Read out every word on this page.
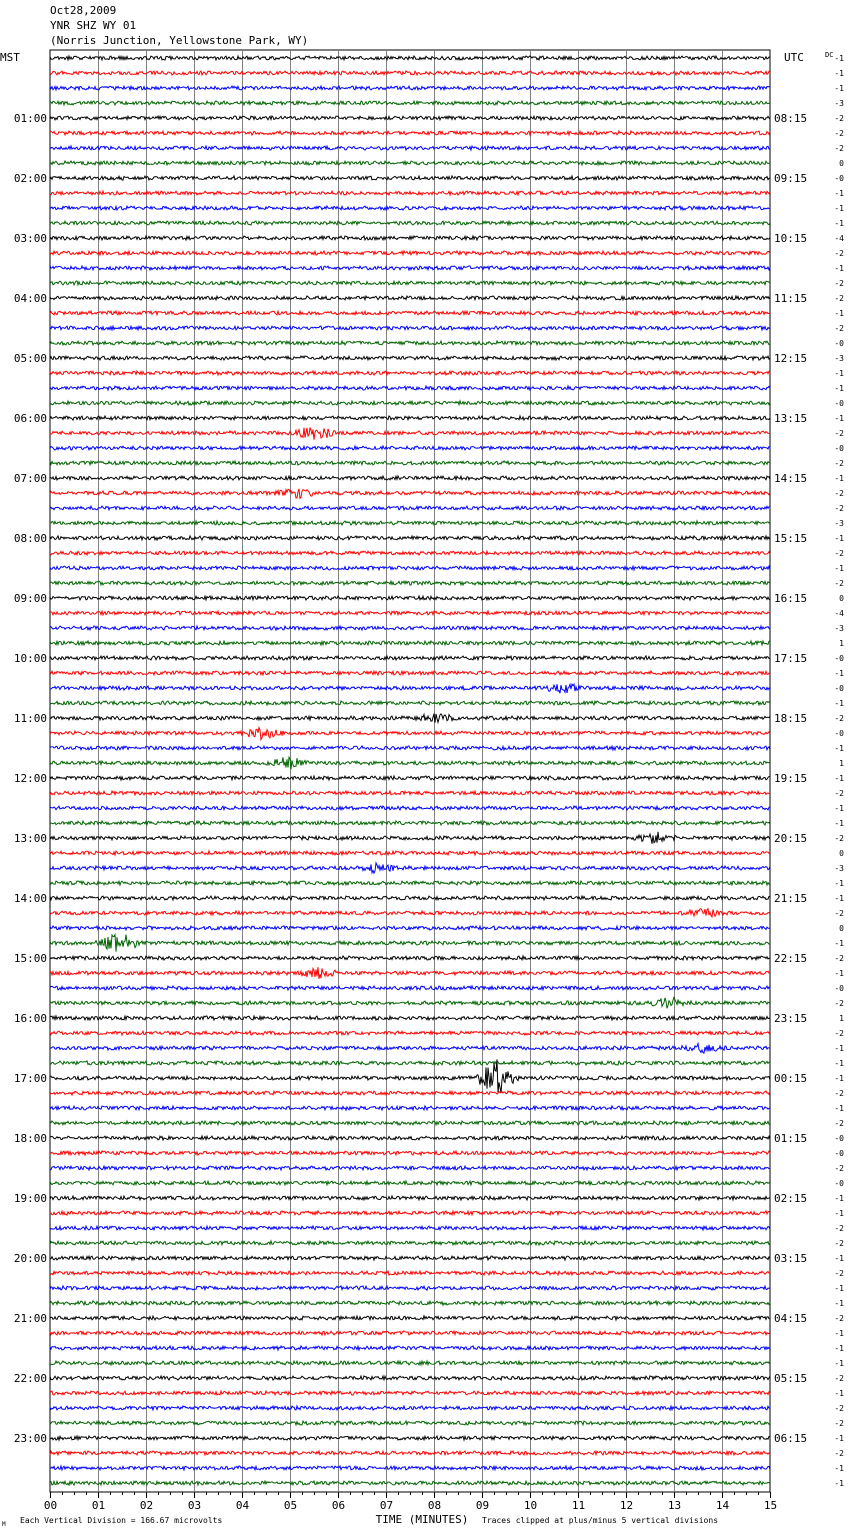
Oct28,2009
YNR SHZ WY 01
(Norris Junction, Yellowstone Park, WY)
00	01	02	03	04	05	06	07	08	09	10	11	12	13	14	15
-1
-1
-1
-3
-2
-2
-2
0
-0
-1
-1
-1
-4
-2
-1
-2
-2
-1
-2
-0
-3
-1
-1
-0
-1
-2
-0
-2
-1
-2
-2
-3
-1
-2
-1
-2
0
-4
-3
1
-0
-1
-0
-1
-2
-0
-1
1
-1
-2
-1
-1
-2
0
-3
-1
-1
-2
0
-1
-2
-1
-0
-2
1
-2
-1
-1
-1
-2
-1
-2
-0
-0
-2
-0
-1
-1
-2
-2
-1
-2
-1
-1
-2
-1
-1
-1
-2
-1
-2
-2
-1
-2
-1
-1
01:00
02:00
03:00
04:00
05:00
06:00
07:00
08:00
09:00
10:00
11:00
12:00
13:00
14:00
15:00
16:00
17:00
18:00
19:00
20:00
21:00
22:00
23:00
08:15
09:15
10:15
11:15
12:15
13:15
14:15
15:15
16:15
17:15
18:15
19:15
20:15
21:15
22:15
23:15
00:15
01:15
02:15
03:15
04:15
05:15
06:15
MST	UTC	DC
TIME (MINUTES)
Each Vertical Division = 166.67 microvolts	Traces clipped at plus/minus 5 vertical divisions
M
